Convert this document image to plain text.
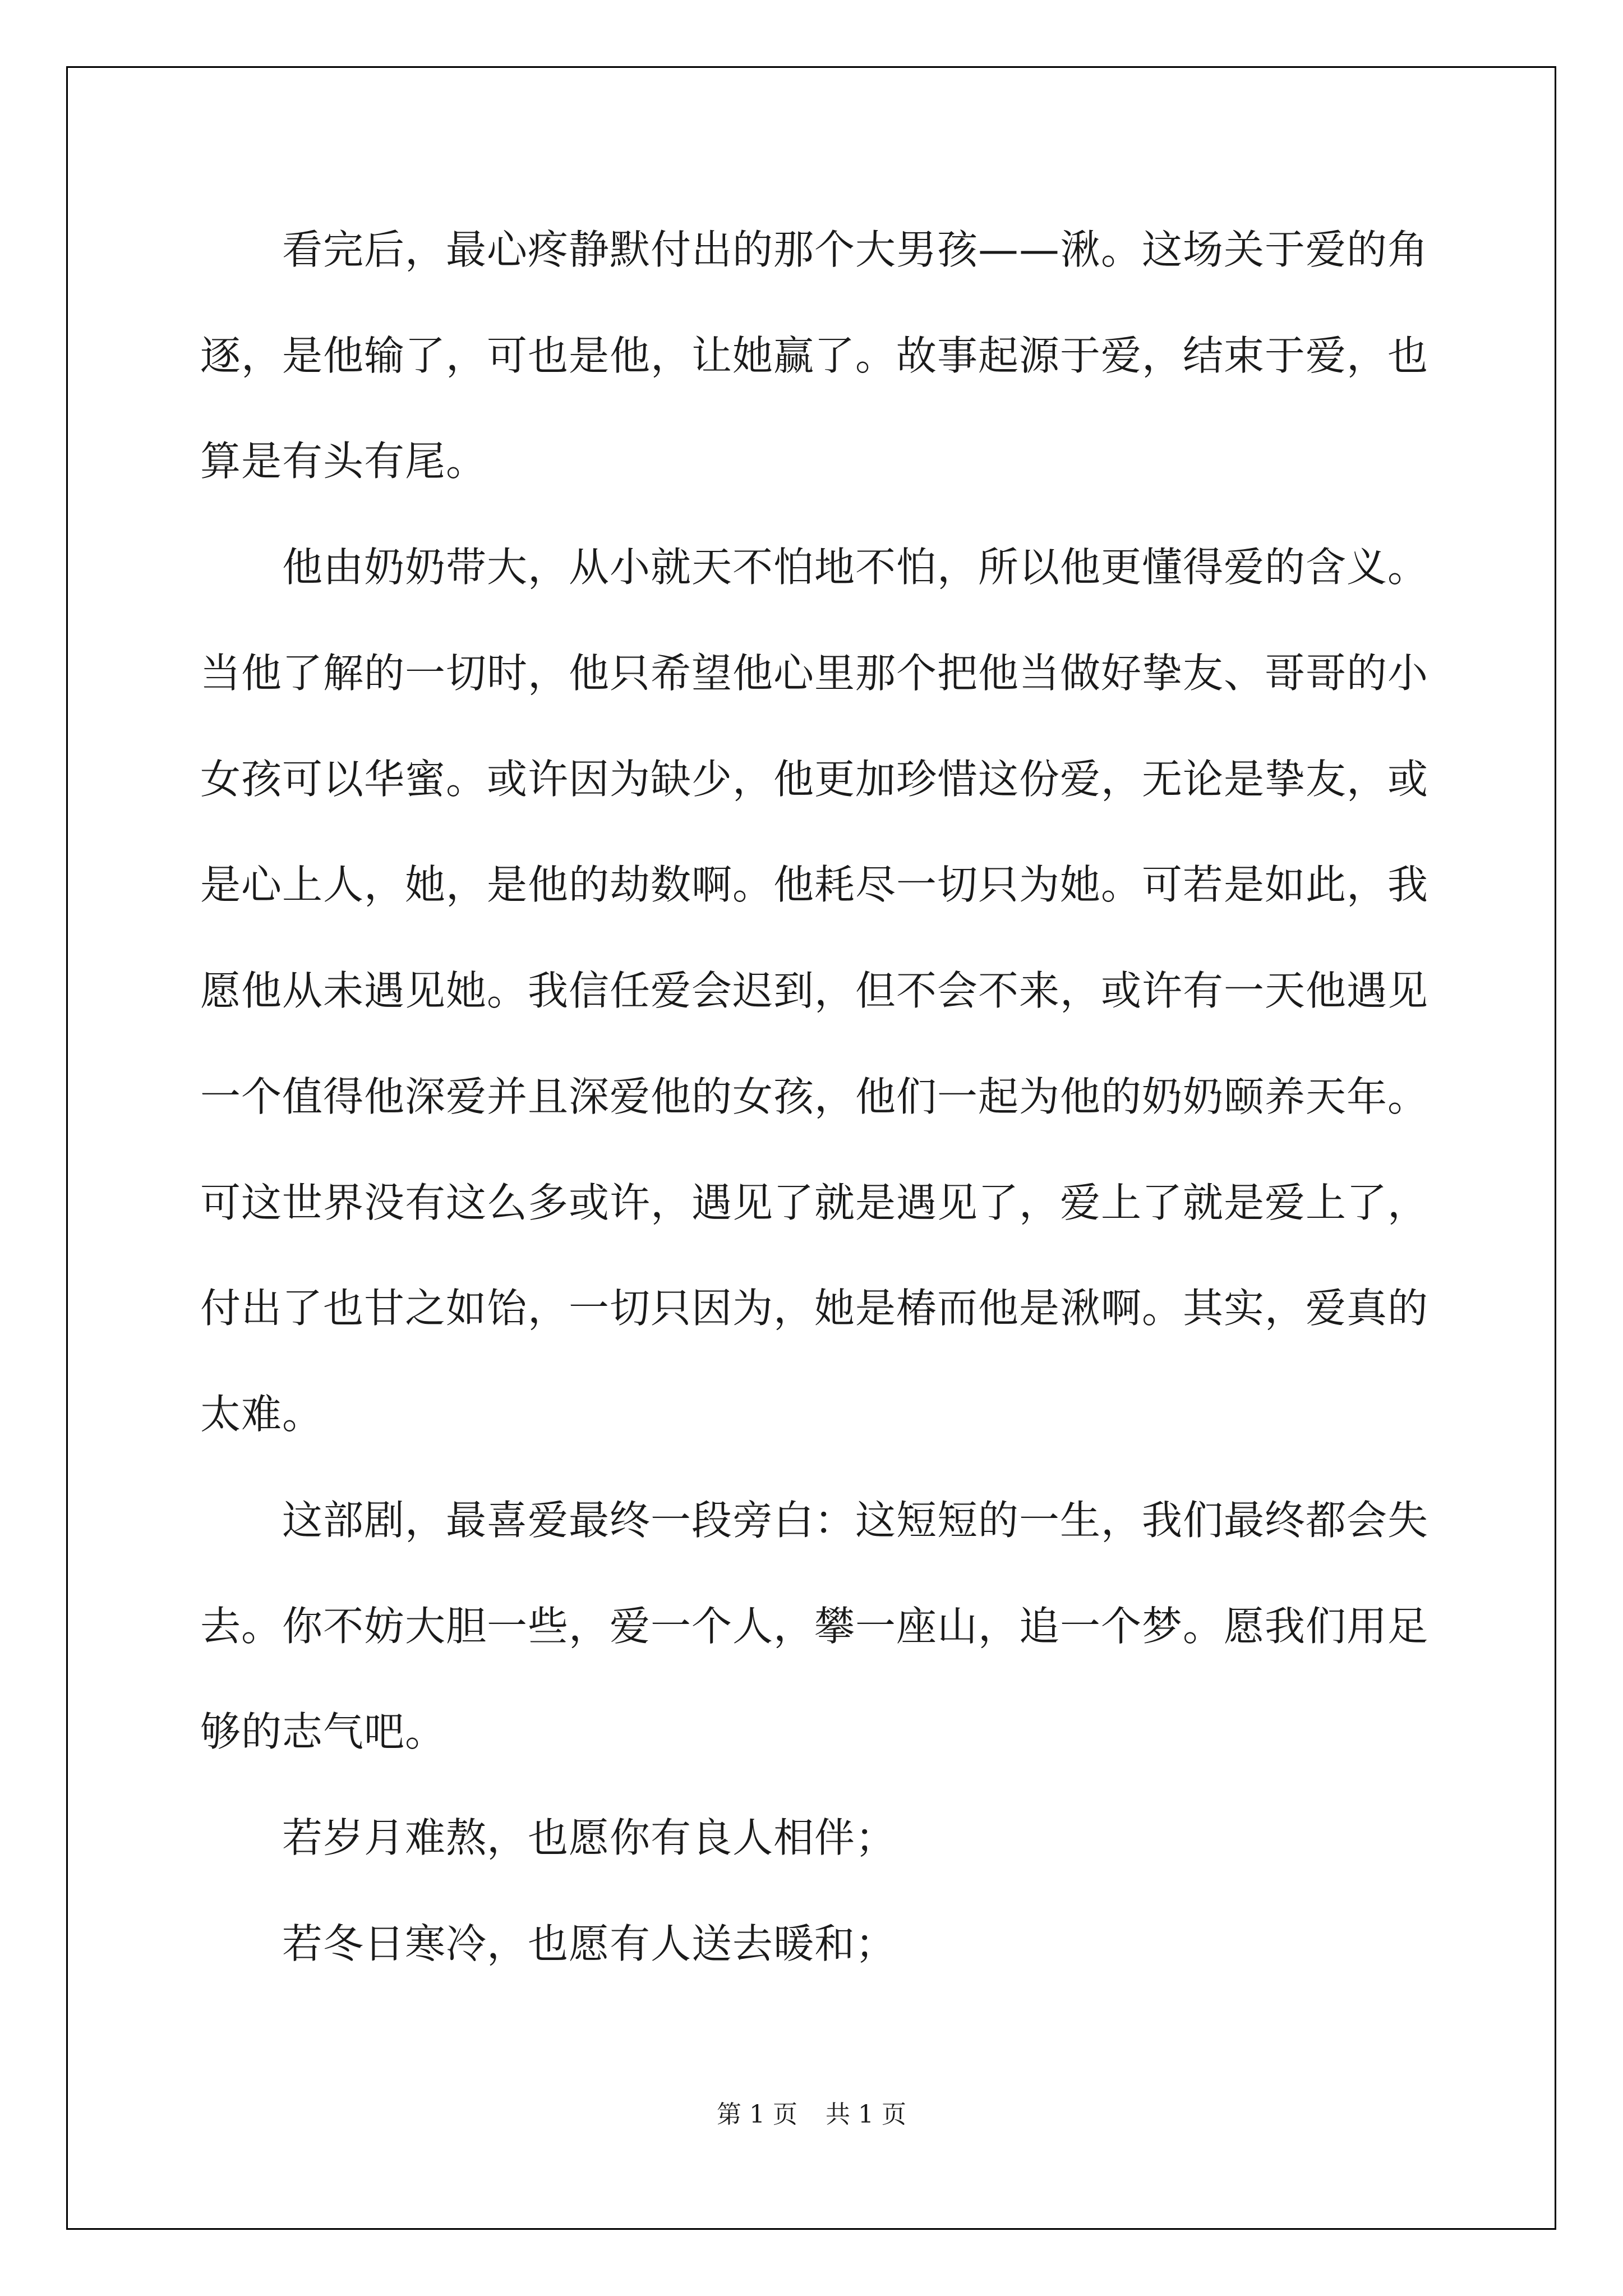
　　看完后，最心疼静默付出的那个大男孩——湫。这场关于爱的角
逐，是他输了，可也是他，让她赢了。故事起源于爱，结束于爱，也
算是有头有尾。
　　他由奶奶带大，从小就天不怕地不怕，所以他更懂得爱的含义。
当他了解的一切时，他只希望他心里那个把他当做好挚友、哥哥的小
女孩可以华蜜。或许因为缺少，他更加珍惜这份爱，无论是挚友，或
是心上人，她，是他的劫数啊。他耗尽一切只为她。可若是如此，我
愿他从未遇见她。我信任爱会迟到，但不会不来，或许有一天他遇见
一个值得他深爱并且深爱他的女孩，他们一起为他的奶奶颐养天年。
可这世界没有这么多或许，遇见了就是遇见了，爱上了就是爱上了，
付出了也甘之如饴，一切只因为，她是椿而他是湫啊。其实，爱真的
太难。
　　这部剧，最喜爱最终一段旁白：这短短的一生，我们最终都会失
去。你不妨大胆一些，爱一个人，攀一座山，追一个梦。愿我们用足
够的志气吧。
　　若岁月难熬，也愿你有良人相伴；
　　若冬日寒冷，也愿有人送去暖和；
第 1 页 共 1 页
